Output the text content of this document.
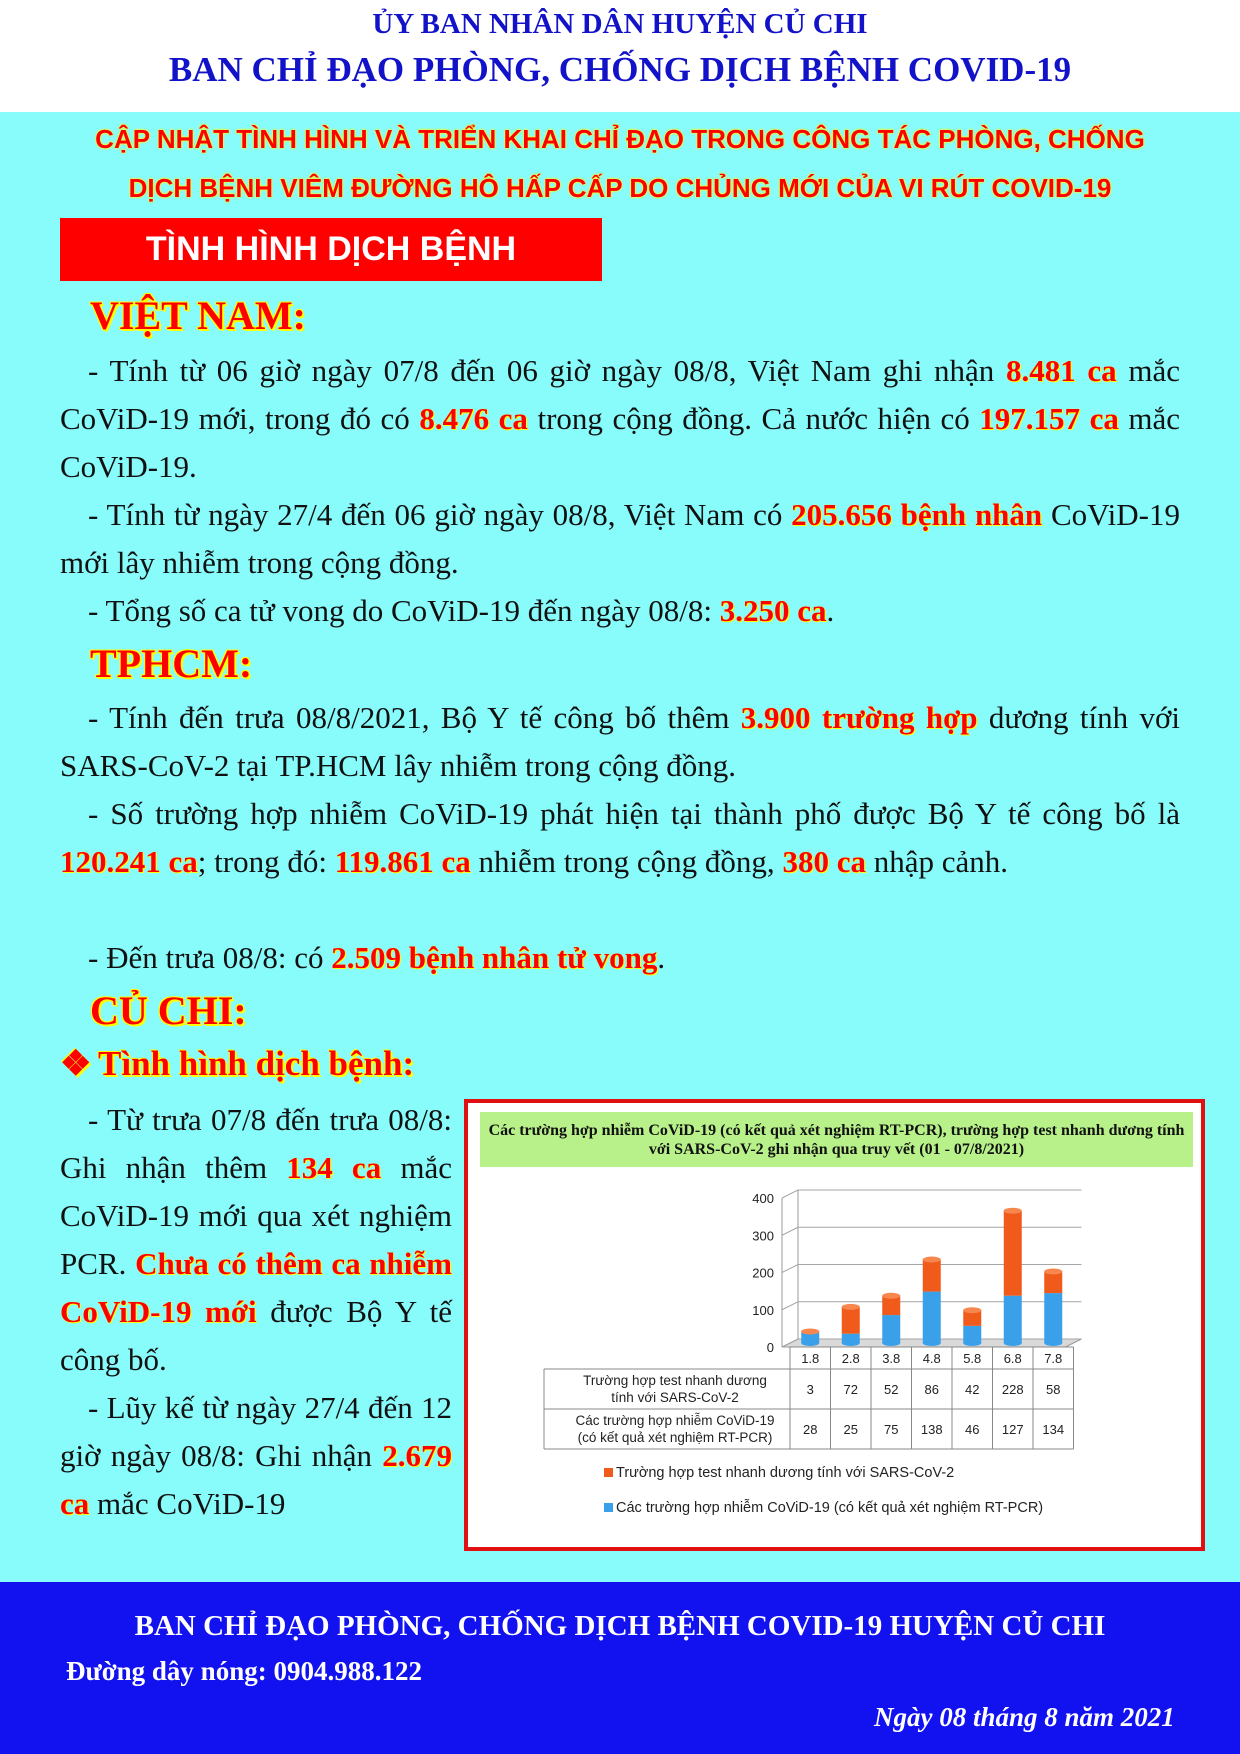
ỦY BAN NHÂN DÂN HUYỆN CỦ CHI
BAN CHỈ ĐẠO PHÒNG, CHỐNG DỊCH BỆNH COVID-19
CẬP NHẬT TÌNH HÌNH VÀ TRIỂN KHAI CHỈ ĐẠO TRONG CÔNG TÁC PHÒNG, CHỐNG
DỊCH BỆNH VIÊM ĐƯỜNG HÔ HẤP CẤP DO CHỦNG MỚI CỦA VI RÚT COVID-19
TÌNH HÌNH DỊCH BỆNH
VIỆT NAM:
- Tính từ 06 giờ ngày 07/8 đến 06 giờ ngày 08/8, Việt Nam ghi nhận 8.481 ca mắc CoViD-19 mới, trong đó có 8.476 ca trong cộng đồng. Cả nước hiện có 197.157 ca mắc CoViD-19.
- Tính từ ngày 27/4 đến 06 giờ ngày 08/8, Việt Nam có 205.656 bệnh nhân CoViD-19 mới lây nhiễm trong cộng đồng.
- Tổng số ca tử vong do CoViD-19 đến ngày 08/8: 3.250 ca.
TPHCM:
- Tính đến trưa 08/8/2021, Bộ Y tế công bố thêm 3.900 trường hợp dương tính với SARS-CoV-2 tại TP.HCM lây nhiễm trong cộng đồng.
- Số trường hợp nhiễm CoViD-19 phát hiện tại thành phố được Bộ Y tế công bố là 120.241 ca; trong đó: 119.861 ca nhiễm trong cộng đồng, 380 ca nhập cảnh.
- Đến trưa 08/8: có 2.509 bệnh nhân tử vong.
CỦ CHI:
❖ Tình hình dịch bệnh:
- Từ trưa 07/8 đến trưa 08/8: Ghi nhận thêm 134 ca mắc CoViD-19 mới qua xét nghiệm PCR. Chưa có thêm ca nhiễm CoViD-19 mới được Bộ Y tế công bố.
- Lũy kế từ ngày 27/4 đến 12 giờ ngày 08/8: Ghi nhận 2.679 ca mắc CoViD-19
Các trường hợp nhiễm CoViD-19 (có kết quả xét nghiệm RT-PCR), trường hợp test nhanh dương tính với SARS-CoV-2 ghi nhận qua truy vết (01 - 07/8/2021)
0
100
200
300
400
1.8 2.8 3.8 4.8 5.8 6.8 7.8
Trường hợp test nhanh dương
tính với SARS-CoV-2
3 72 52 86 42 228 58
Các trường hợp nhiễm CoViD-19
(có kết quả xét nghiệm RT-PCR)
28 25 75 138 46 127 134
Trường hợp test nhanh dương tính với SARS-CoV-2
Các trường hợp nhiễm CoViD-19 (có kết quả xét nghiệm RT-PCR)
BAN CHỈ ĐẠO PHÒNG, CHỐNG DỊCH BỆNH COVID-19 HUYỆN CỦ CHI
Đường dây nóng: 0904.988.122
Ngày 08 tháng 8 năm 2021
